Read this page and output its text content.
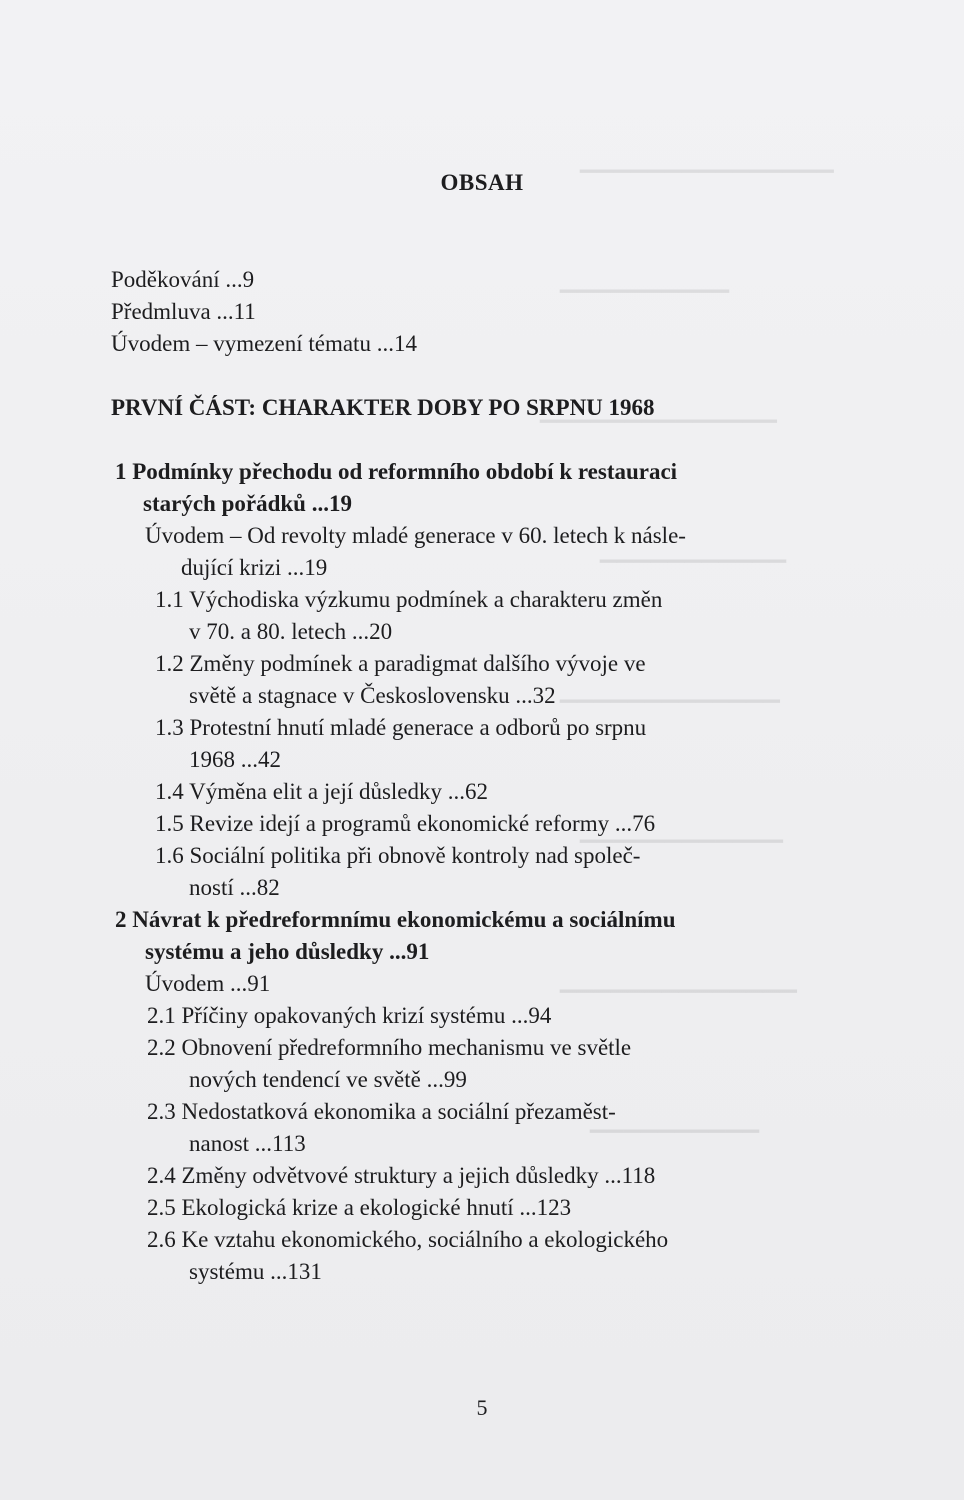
▔▔▔▔▔▔▔▔▔▔▔▔▔▔▔
▔▔▔▔▔▔▔▔▔▔
▔▔▔▔▔▔▔▔▔▔▔▔▔▔
▔▔▔▔▔▔▔▔▔▔▔
▔▔▔▔▔▔▔▔▔▔▔▔▔
▔▔▔▔▔▔▔▔▔▔▔▔
▔▔▔▔▔▔▔▔▔▔▔▔▔▔
▔▔▔▔▔▔▔▔▔▔
OBSAH
Poděkování ...9
Předmluva ...11
Úvodem – vymezení tématu ...14
PRVNÍ ČÁST: CHARAKTER DOBY PO SRPNU 1968
1 Podmínky přechodu od reformního období k restauraci
starých pořádků ...19
Úvodem – Od revolty mladé generace v 60. letech k násle-
dující krizi ...19
1.1 Východiska výzkumu podmínek a charakteru změn
v 70. a 80. letech ...20
1.2 Změny podmínek a paradigmat dalšího vývoje ve
světě a stagnace v Československu ...32
1.3 Protestní hnutí mladé generace a odborů po srpnu
1968 ...42
1.4 Výměna elit a její důsledky ...62
1.5 Revize idejí a programů ekonomické reformy ...76
1.6 Sociální politika při obnově kontroly nad společ-
ností ...82
2 Návrat k předreformnímu ekonomickému a sociálnímu
systému a jeho důsledky ...91
Úvodem ...91
2.1 Příčiny opakovaných krizí systému ...94
2.2 Obnovení předreformního mechanismu ve světle
nových tendencí ve světě ...99
2.3 Nedostatková ekonomika a sociální přezaměst-
nanost ...113
2.4 Změny odvětvové struktury a jejich důsledky ...118
2.5 Ekologická krize a ekologické hnutí ...123
2.6 Ke vztahu ekonomického, sociálního a ekologického
systému ...131
5
